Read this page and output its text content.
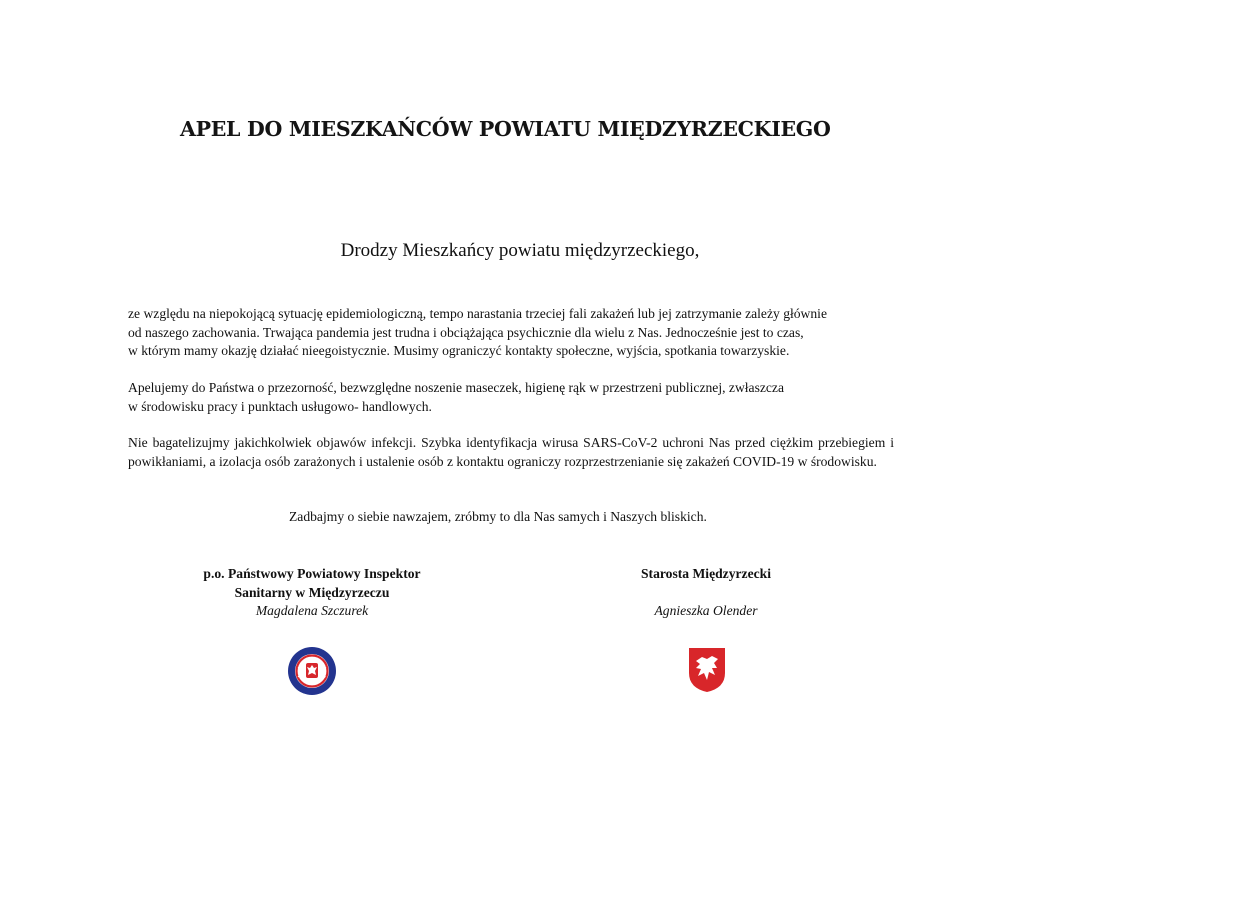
APEL DO MIESZKAŃCÓW POWIATU MIĘDZYRZECKIEGO
Drodzy Mieszkańcy powiatu międzyrzeckiego,

ze względu na niepokojącą sytuację epidemiologiczną, tempo narastania trzeciej fali zakażeń lub jej zatrzymanie zależy głównie
od naszego zachowania. Trwająca pandemia jest trudna i obciążająca psychicznie dla wielu z Nas. Jednocześnie jest to czas,
w którym mamy okazję działać nieegoistycznie. Musimy ograniczyć kontakty społeczne, wyjścia, spotkania towarzyskie.

Apelujemy do Państwa o przezorność, bezwzględne noszenie maseczek, higienę rąk w przestrzeni publicznej, zwłaszcza
w środowisku pracy i punktach usługowo- handlowych.

Nie bagatelizujmy jakichkolwiek objawów infekcji. Szybka identyfikacja wirusa SARS-CoV-2 uchroni Nas przed ciężkim przebiegiem i powikłaniami, a izolacja osób zarażonych i ustalenie osób z kontaktu ograniczy rozprzestrzenianie się zakażeń COVID-19 w środowisku.

Zadbajmy o siebie nawzajem, zróbmy to dla Nas samych i Naszych bliskich.
p.o. Państwowy Powiatowy Inspektor
Sanitarny w Międzyrzeczu
Magdalena Szczurek
Starosta Międzyrzecki
Agnieszka Olender
